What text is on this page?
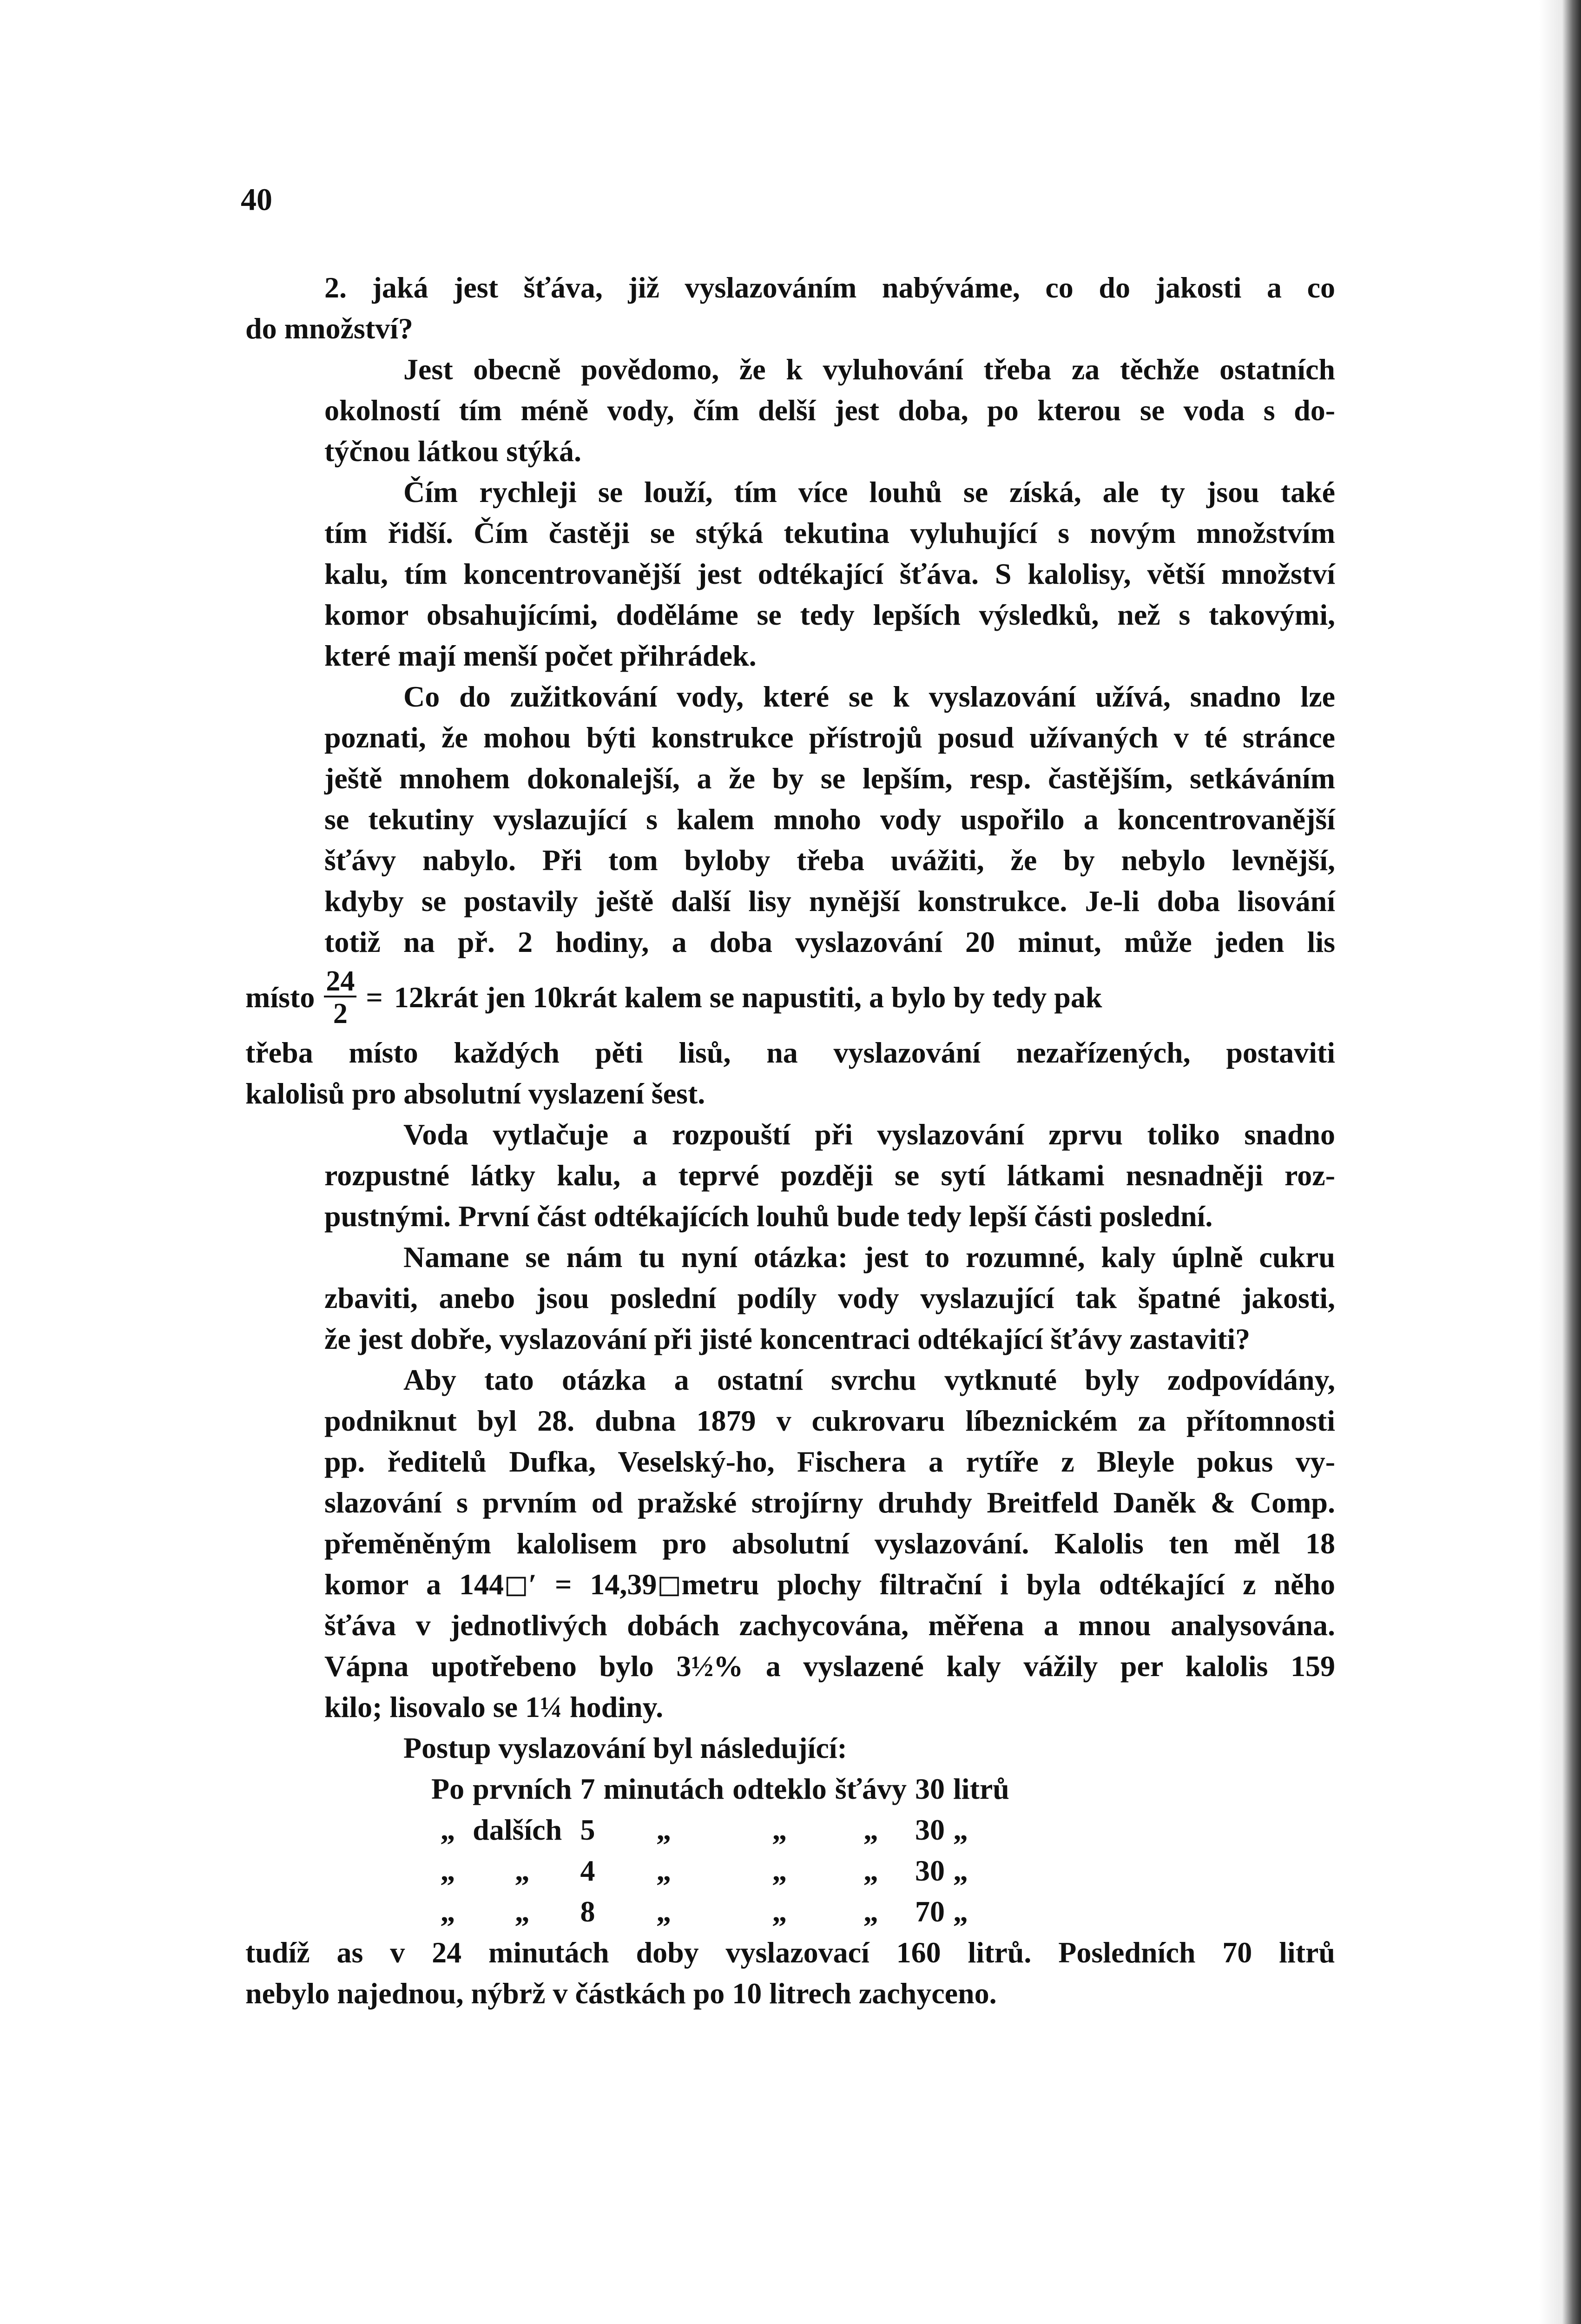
40

2. jaká jest šťáva, již vyslazováním nabýváme, co do jakosti a co
do množství?

Jest obecně povědomo, že k vyluhování třeba za těchže ostatních
okolností tím méně vody, čím delší jest doba, po kterou se voda s do-
týčnou látkou stýká.

Čím rychleji se louží, tím více louhů se získá, ale ty jsou také
tím řidší. Čím častěji se stýká tekutina vyluhující s novým množstvím
kalu, tím koncentrovanější jest odtékající šťáva. S kalolisy, větší množství
komor obsahujícími, doděláme se tedy lepších výsledků, než s takovými,
které mají menší počet přihrádek.

Co do zužitkování vody, které se k vyslazování užívá, snadno lze
poznati, že mohou býti konstrukce přístrojů posud užívaných v té stránce
ještě mnohem dokonalejší, a že by se lepším, resp. častějším, setkáváním
se tekutiny vyslazující s kalem mnoho vody uspořilo a koncentrovanější
šťávy nabylo. Při tom byloby třeba uvážiti, že by nebylo levnější,
kdyby se postavily ještě další lisy nynější konstrukce. Je-li doba lisování
totiž na př. 2 hodiny, a doba vyslazování 20 minut, může jeden lis

místo $\frac{24}{2}$ = 12krát jen 10krát kalem se napustiti, a bylo by tedy pak

třeba místo každých pěti lisů, na vyslazování nezařízených, postaviti
kalolisů pro absolutní vyslazení šest.

Voda vytlačuje a rozpouští při vyslazování zprvu toliko snadno
rozpustné látky kalu, a teprvé později se sytí látkami nesnadněji roz-
pustnými. První část odtékajících louhů bude tedy lepší části poslední.

Namane se nám tu nyní otázka: jest to rozumné, kaly úplně cukru
zbaviti, anebo jsou poslední podíly vody vyslazující tak špatné jakosti,
že jest dobře, vyslazování při jisté koncentraci odtékající šťávy zastaviti?

Aby tato otázka a ostatní svrchu vytknuté byly zodpovídány,
podniknut byl 28. dubna 1879 v cukrovaru líbeznickém za přítomnosti
pp. ředitelů Dufka, Veselský-ho, Fischera a rytíře z Bleyle pokus vy-
slazování s prvním od pražské strojírny druhdy Breitfeld Daněk & Comp.
přeměněným kalolisem pro absolutní vyslazování. Kalolis ten měl 18
komor a 144◻′ = 14,39◻metru plochy filtrační i byla odtékající z něho
šťáva v jednotlivých dobách zachycována, měřena a mnou analysována.
Vápna upotřebeno bylo 3½% a vyslazené kaly vážily per kalolis 159
kilo; lisovalo se 1¼ hodiny.

Postup vyslazování byl následující:

Po	prvních	7	minutách	odteklo	šťávy	30	litrů
„	dalších	5	„	„	„	30	„
„	„	4	„	„	„	30	„
„	„	8	„	„	„	70	„

tudíž as v 24 minutách doby vyslazovací 160 litrů. Posledních 70 litrů
nebylo najednou, nýbrž v částkách po 10 litrech zachyceno.
